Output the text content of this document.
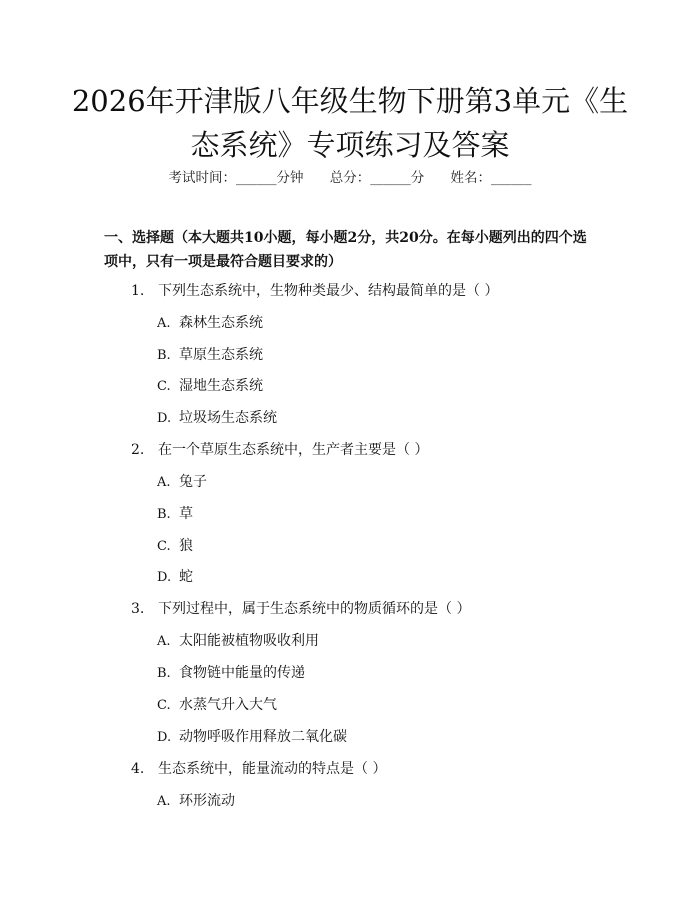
2026年开津版八年级生物下册第3单元《生
态系统》专项练习及答案
考试时间：______分钟 总分：______分 姓名：______
一、选择题（本大题共10小题，每小题2分，共20分。在每小题列出的四个选
项中，只有一项是最符合题目要求的）
1. 下列生态系统中，生物种类最少、结构最简单的是（ ）
A. 森林生态系统
B. 草原生态系统
C. 湿地生态系统
D. 垃圾场生态系统
2. 在一个草原生态系统中，生产者主要是（ ）
A. 兔子
B. 草
C. 狼
D. 蛇
3. 下列过程中，属于生态系统中的物质循环的是（ ）
A. 太阳能被植物吸收利用
B. 食物链中能量的传递
C. 水蒸气升入大气
D. 动物呼吸作用释放二氧化碳
4. 生态系统中，能量流动的特点是（ ）
A. 环形流动
